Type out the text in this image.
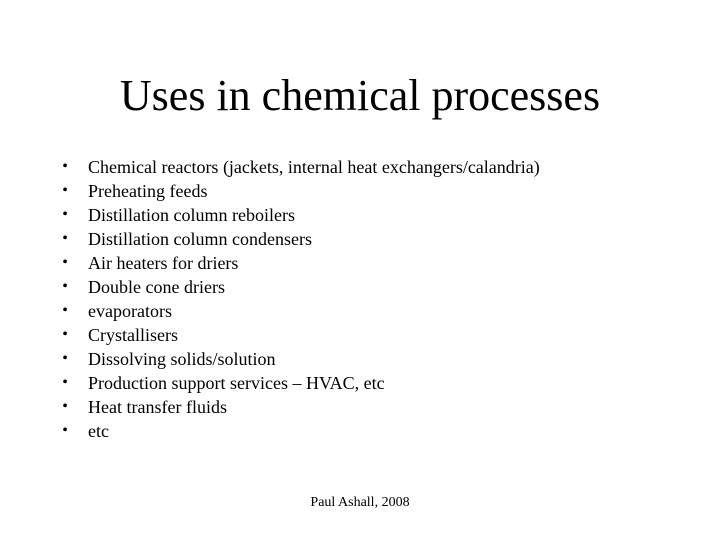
Uses in chemical processes
• Chemical reactors (jackets, internal heat exchangers/calandria)
• Preheating feeds
• Distillation column reboilers
• Distillation column condensers
• Air heaters for driers
• Double cone driers
• evaporators
• Crystallisers
• Dissolving solids/solution
• Production support services – HVAC, etc
• Heat transfer fluids
• etc
Paul Ashall, 2008
